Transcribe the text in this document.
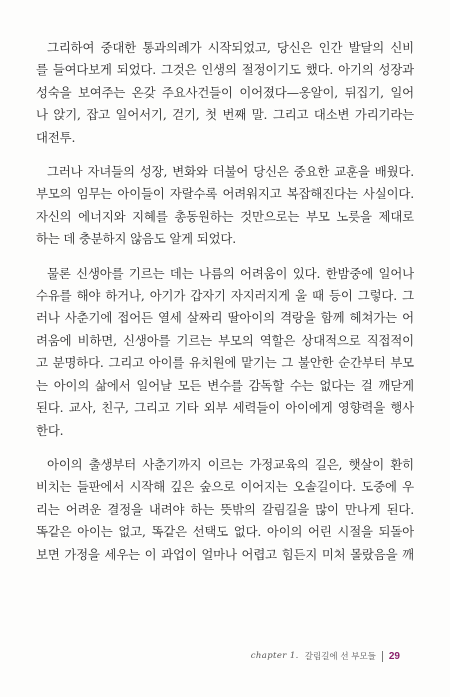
그리하여 중대한 통과의례가 시작되었고, 당신은 인간 발달의 신비
를 들여다보게 되었다. 그것은 인생의 절정이기도 했다. 아기의 성장과
성숙을 보여주는 온갖 주요사건들이 이어졌다—옹알이, 뒤집기, 일어
나 앉기, 잡고 일어서기, 걷기, 첫 번째 말. 그리고 대소변 가리기라는
대전투.

그러나 자녀들의 성장, 변화와 더불어 당신은 중요한 교훈을 배웠다.
부모의 임무는 아이들이 자랄수록 어려워지고 복잡해진다는 사실이다.
자신의 에너지와 지혜를 총동원하는 것만으로는 부모 노릇을 제대로
하는 데 충분하지 않음도 알게 되었다.

물론 신생아를 기르는 데는 나름의 어려움이 있다. 한밤중에 일어나
수유를 해야 하거나, 아기가 갑자기 자지러지게 울 때 등이 그렇다. 그
러나 사춘기에 접어든 열세 살짜리 딸아이의 격랑을 함께 헤쳐가는 어
려움에 비하면, 신생아를 기르는 부모의 역할은 상대적으로 직접적이
고 분명하다. 그리고 아이를 유치원에 맡기는 그 불안한 순간부터 부모
는 아이의 삶에서 일어날 모든 변수를 감독할 수는 없다는 걸 깨닫게
된다. 교사, 친구, 그리고 기타 외부 세력들이 아이에게 영향력을 행사
한다.

아이의 출생부터 사춘기까지 이르는 가정교육의 길은, 햇살이 환히
비치는 들판에서 시작해 깊은 숲으로 이어지는 오솔길이다. 도중에 우
리는 어려운 결정을 내려야 하는 뜻밖의 갈림길을 많이 만나게 된다.
똑같은 아이는 없고, 똑같은 선택도 없다. 아이의 어린 시절을 되돌아
보면 가정을 세우는 이 과업이 얼마나 어렵고 힘든지 미처 몰랐음을 깨

chapter 1. 갈림길에 선 부모들 29
